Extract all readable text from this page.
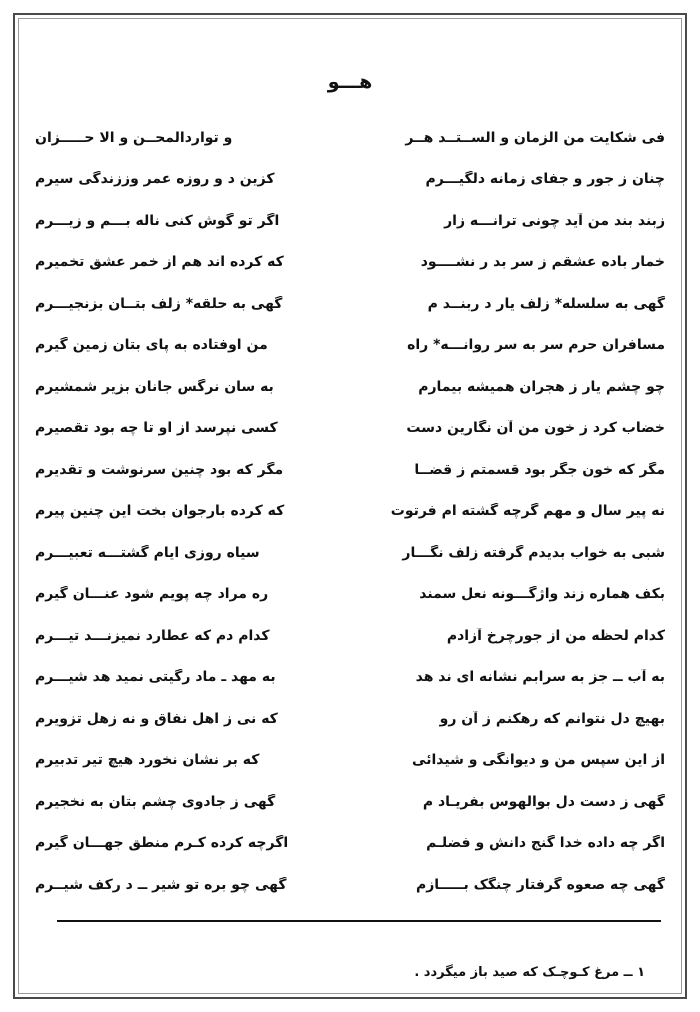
هـــو
فی شکایت من الزمان و الســتــد هــر
و تواردالمحــن و الا حـــــزان
چنان ز جور و جفای زمانه دلگیـــرم
کزین د و روزه عمر وززندگی سیرم
زبند بند من آید چونی ترانـــه زار
اگر تو گوش کنی ناله بـــم و زیـــرم
خمار باده عشقم ز سر بد ر نشــــود
که کرده اند هم از خمر عشق تخمیرم
گهی به سلسله* زلف یار د ربنــد م
گهی به حلقه* زلف بتــان بزنجیـــرم
مسافران حرم سر به سر روانـــه* راه
من اوفتاده به پای بتان زمین گیرم
چو چشم یار ز هجران همیشه بیمارم
به سان نرگس جانان بزیر شمشیرم
خضاب کرد ز خون من آن نگارین دست
کسی نپرسد از او تا چه بود تقصیرم
مگر که خون جگر بود قسمتم ز قضــا
مگر که بود چنین سرنوشت و تقدیرم
نه پیر سال و مهم گرچه گشته ام فرتوت
که کرده بارجوان بخت این چنین پیرم
شبی به خواب بدیدم گرفته زلف نگـــار
سیاه روزی ایام گشتـــه تعبیـــرم
بکف هماره زند واژگـــونه نعل سمند
ره مراد چه پویم شود عنـــان گیرم
کدام لحظه من از جورچرخ آزادم
کدام دم که عطارد نمیزنـــد تیـــرم
به آب ــ جز به سرابم نشانه ای ند هد
به مهد ـ ماد رگیتی نمید هد شیـــرم
بهیچ دل نتوانم که رهکنم ز آن رو
که نی ز اهل نفاق و نه زهل تزویرم
از این سپس من و دیوانگی و شیدائی
که بر نشان نخورد هیچ تیر تدبیرم
گهی ز دست دل بوالهوس بفریـاد م
گهی ز جادوی چشم بتان به نخجیرم
اگر چه داده خدا گنج دانش و فضلـم
اگرچه کرده کـرم منطق جهـــان گیرم
گهی چه صعوه گرفتار چنگک بـــــازم
گهی چو بره تو شیر ــ د رکف شیــرم
۱ ــ مرغ کـوچـک که صید باز میگردد .
